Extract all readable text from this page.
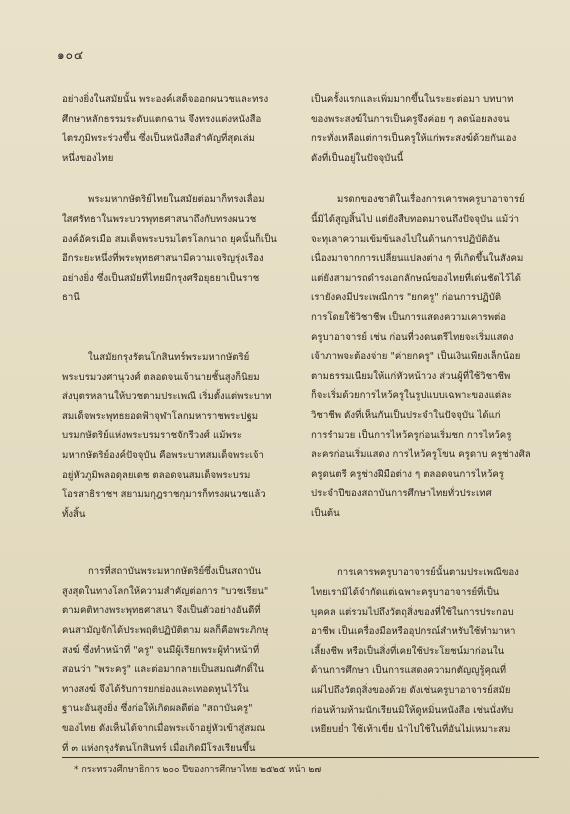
๑๐๔

อย่างยิ่งในสมัยนั้น พระองค์เสด็จออกผนวชและทรง
ศึกษาหลักธรรมระดับแตกฉาน จึงทรงแต่งหนังสือ
ไตรภูมิพระร่วงขึ้น ซึ่งเป็นหนังสือสำคัญที่สุดเล่ม
หนึ่งของไทย

พระมหากษัตริย์ไทยในสมัยต่อมาก็ทรงเลื่อม
ใสศรัทธาในพระบวรพุทธศาสนาถึงกับทรงผนวช
องค์อัครเมือ สมเด็จพระบรมไตรโลกนาถ ยุคนั้นก็เป็น
อีกระยะหนึ่งที่พระพุทธศาสนามีความเจริญรุ่งเรือง
อย่างยิ่ง ซึ่งเป็นสมัยที่ไทยมีกรุงศรีอยุธยาเป็นราช
ธานี

ในสมัยกรุงรัตนโกสินทร์พระมหากษัตริย์
พระบรมวงศานุวงศ์ ตลอดจนเจ้านายชั้นสูงก็นิยม
ส่งบุตรหลานให้บวชตามประเพณี เริ่มตั้งแต่พระบาท
สมเด็จพระพุทธยอดฟ้าจุฬาโลกมหาราชพระปฐม
บรมกษัตริย์แห่งพระบรมราชจักรีวงศ์ แม้พระ
มหากษัตริย์องค์ปัจจุบัน คือพระบาทสมเด็จพระเจ้า
อยู่หัวภูมิพลอดุลยเดช ตลอดจนสมเด็จพระบรม
โอรสาธิราชฯ สยามมกุฎราชกุมารก็ทรงผนวชแล้ว
ทั้งสิ้น

การที่สถาบันพระมหากษัตริย์ซึ่งเป็นสถาบัน
สูงสุดในทางโลกให้ความสำคัญต่อการ "บวชเรียน"
ตามคติทางพระพุทธศาสนา จึงเป็นตัวอย่างอันดีที่
คนสามัญจักได้ประพฤติปฏิบัติตาม ผลก็คือพระภิกษุ
สงฆ์ ซึ่งทำหน้าที่ "ครู" จนมีผู้เรียกพระผู้ทำหน้าที่
สอนว่า "พระครู" และต่อมากลายเป็นสมณศักดิ์ใน
ทางสงฆ์ จึงได้รับการยกย่องและเทอดทูนไว้ใน
ฐานะอันสูงยิ่ง ซึ่งก่อให้เกิดผลดีต่อ "สถาบันครู"
ของไทย ดังเห็นได้จากเมื่อพระเจ้าอยู่หัวเข้าสู่สมณ
ที่ ๓ แห่งกรุงรัตนโกสินทร์ เมื่อเกิดมีโรงเรียนขึ้น

เป็นครั้งแรกและเพิ่มมากขึ้นในระยะต่อมา บทบาท
ของพระสงฆ์ในการเป็นครูจึงค่อย ๆ ลดน้อยลงจน
กระทั่งเหลือแต่การเป็นครูให้แก่พระสงฆ์ด้วยกันเอง
ดังที่เป็นอยู่ในปัจจุบันนี้

มรดกของชาติในเรื่องการเคารพครูบาอาจารย์
นี้มิได้สูญสิ้นไป แต่ยังสืบทอดมาจนถึงปัจจุบัน แม้ว่า
จะทุเลาความเข้มข้นลงไปในด้านการปฏิบัติอัน
เนื่องมาจากการเปลี่ยนแปลงต่าง ๆ ที่เกิดขึ้นในสังคม
แต่ยังสามารถดำรงเอกลักษณ์ของไทยที่เด่นชัดไว้ได้
เรายังคงมีประเพณีการ "ยกครู" ก่อนการปฏิบัติ
การโดยใช้วิชาชีพ เป็นการแสดงความเคารพต่อ
ครูบาอาจารย์ เช่น ก่อนที่วงดนตรีไทยจะเริ่มแสดง
เจ้าภาพจะต้องจ่าย "ค่ายกครู" เป็นเงินเพียงเล็กน้อย
ตามธรรมเนียมให้แก่หัวหน้าวง ส่วนผู้ที่ใช้วิชาชีพ
ก็จะเริ่มด้วยการไหว้ครูในรูปแบบเฉพาะของแต่ละ
วิชาชีพ ดังที่เห็นกันเป็นประจำในปัจจุบัน ได้แก่
การรำมวย เป็นการไหว้ครูก่อนเริ่มชก การไหว้ครู
ละครก่อนเริ่มแสดง การไหว้ครูโขน ครูดาบ ครูช่างศิล
ครูดนตรี ครูช่างฝีมือต่าง ๆ ตลอดจนการไหว้ครู
ประจำปีของสถาบันการศึกษาไทยทั่วประเทศ
เป็นต้น

การเคารพครูบาอาจารย์นั้นตามประเพณีของ
ไทยเรามิได้จำกัดแต่เฉพาะครูบาอาจารย์ที่เป็น
บุคคล แต่รวมไปถึงวัตถุสิ่งของที่ใช้ในการประกอบ
อาชีพ เป็นเครื่องมือหรืออุปกรณ์สำหรับใช้ทำมาหา
เลี้ยงชีพ หรือเป็นสิ่งที่เคยใช้ประโยชน์มาก่อนใน
ด้านการศึกษา เป็นการแสดงความกตัญญูรู้คุณที่
แผ่ไปถึงวัตถุสิ่งของด้วย ดังเช่นครูบาอาจารย์สมัย
ก่อนห้ามห้ามนักเรียนมิให้ดูหมิ่นหนังสือ เช่นนั่งทับ
เหยียบย่ำ ใช้เท้าเขี่ย นำไปใช้ในที่อันไม่เหมาะสม

* กระทรวงศึกษาธิการ ๒๐๐ ปีของการศึกษาไทย ๒๕๒๕ หน้า ๒๗
